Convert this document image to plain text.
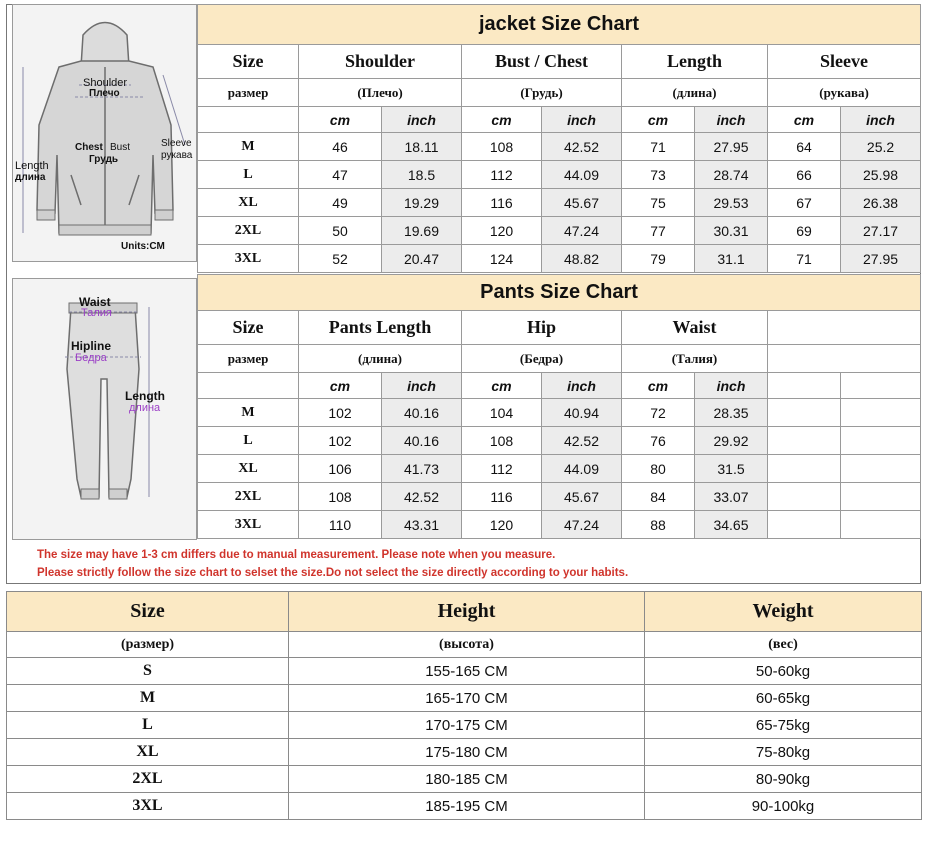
Shoulder
Плечо
Chest Bust
Грудь
Sleeve
рукава
Length
длина
Units:CM
Waist
Талия
Hipline
Бедра
Length
длина
jacket Size Chart								
Size	Shoulder		Bust / Chest		Length		Sleeve	
размер	(Плечо)		(Грудь)		(длина)		(рукава)	
	cm	inch	cm	inch	cm	inch	cm	inch
M	46	18.11	108	42.52	71	27.95	64	25.2
L	47	18.5	112	44.09	73	28.74	66	25.98
XL	49	19.29	116	45.67	75	29.53	67	26.38
2XL	50	19.69	120	47.24	77	30.31	69	27.17
3XL	52	20.47	124	48.82	79	31.1	71	27.95
Pants Size Chart								
Size	Pants Length		Hip		Waist			
размер	(длина)		(Бедра)		(Талия)			
	cm	inch	cm	inch	cm	inch		
M	102	40.16	104	40.94	72	28.35		
L	102	40.16	108	42.52	76	29.92		
XL	106	41.73	112	44.09	80	31.5		
2XL	108	42.52	116	45.67	84	33.07		
3XL	110	43.31	120	47.24	88	34.65		
The size may have 1-3 cm differs due to manual measurement. Please note when you measure.
Please strictly follow the size chart to selset the size.Do not select the size directly according to your habits.
Size	Height	Weight
(размер)	(высота)	(вес)
S	155-165 CM	50-60kg
M	165-170 CM	60-65kg
L	170-175 CM	65-75kg
XL	175-180 CM	75-80kg
2XL	180-185 CM	80-90kg
3XL	185-195 CM	90-100kg
